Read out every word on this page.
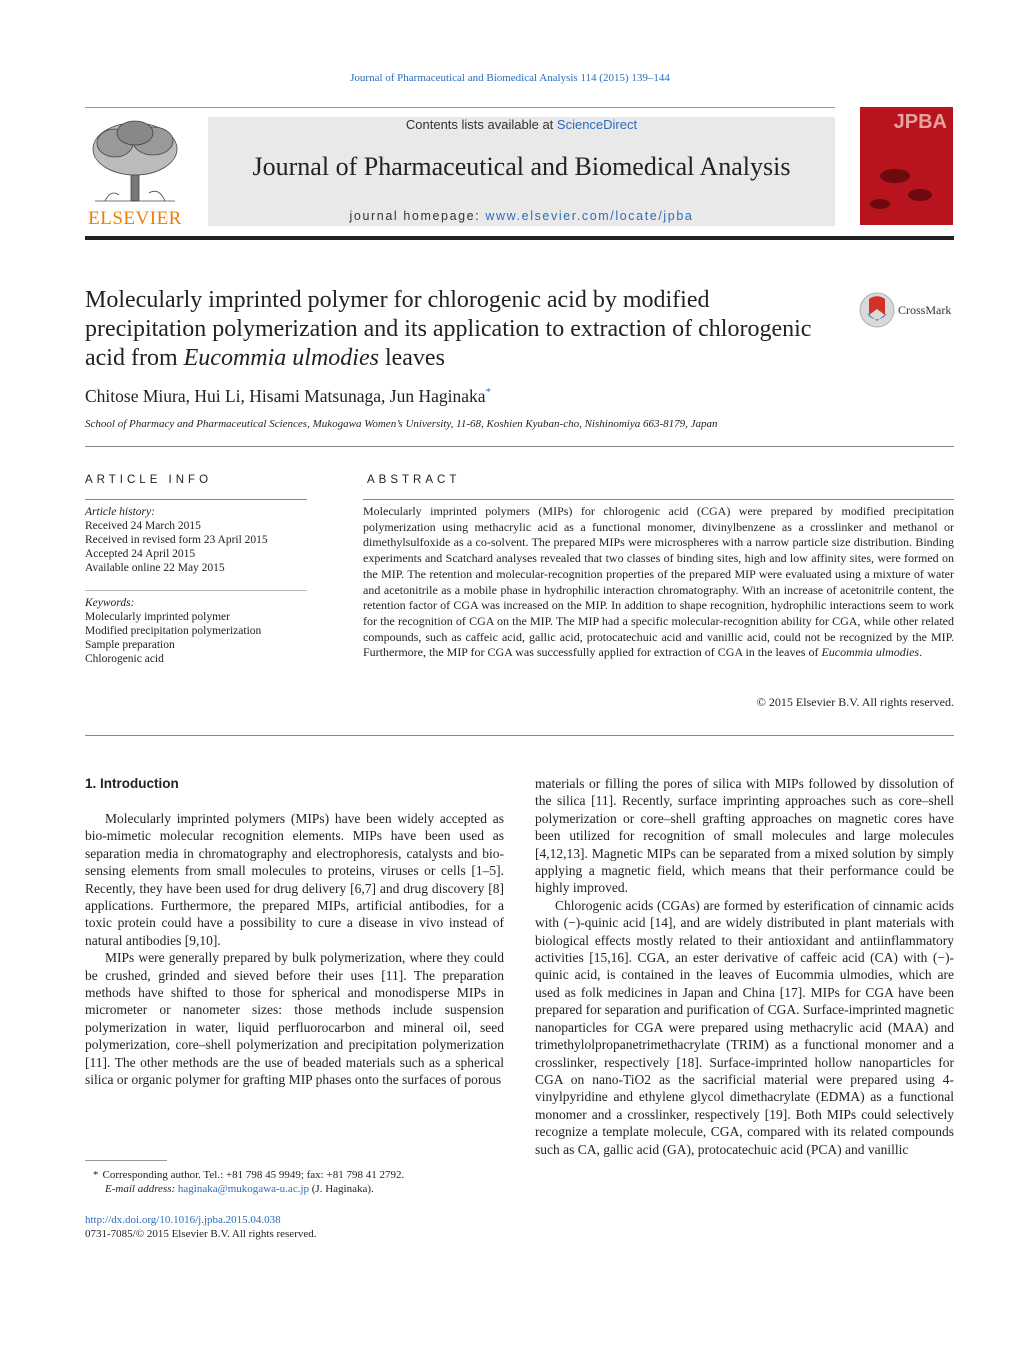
Journal of Pharmaceutical and Biomedical Analysis 114 (2015) 139–144
ELSEVIER
Contents lists available at ScienceDirect
Journal of Pharmaceutical and Biomedical Analysis
journal homepage: www.elsevier.com/locate/jpba
JPBA
Molecularly imprinted polymer for chlorogenic acid by modified precipitation polymerization and its application to extraction of chlorogenic acid from Eucommia ulmodies leaves
CrossMark
Chitose Miura, Hui Li, Hisami Matsunaga, Jun Haginaka*
School of Pharmacy and Pharmaceutical Sciences, Mukogawa Women’s University, 11-68, Koshien Kyuban-cho, Nishinomiya 663-8179, Japan
ARTICLE INFO
Article history:
Received 24 March 2015
Received in revised form 23 April 2015
Accepted 24 April 2015
Available online 22 May 2015
Keywords:
Molecularly imprinted polymer
Modified precipitation polymerization
Sample preparation
Chlorogenic acid
ABSTRACT
Molecularly imprinted polymers (MIPs) for chlorogenic acid (CGA) were prepared by modified precipitation polymerization using methacrylic acid as a functional monomer, divinylbenzene as a crosslinker and methanol or dimethylsulfoxide as a co-solvent. The prepared MIPs were microspheres with a narrow particle size distribution. Binding experiments and Scatchard analyses revealed that two classes of binding sites, high and low affinity sites, were formed on the MIP. The retention and molecular-recognition properties of the prepared MIP were evaluated using a mixture of water and acetonitrile as a mobile phase in hydrophilic interaction chromatography. With an increase of acetonitrile content, the retention factor of CGA was increased on the MIP. In addition to shape recognition, hydrophilic interactions seem to work for the recognition of CGA on the MIP. The MIP had a specific molecular-recognition ability for CGA, while other related compounds, such as caffeic acid, gallic acid, protocatechuic acid and vanillic acid, could not be recognized by the MIP. Furthermore, the MIP for CGA was successfully applied for extraction of CGA in the leaves of Eucommia ulmodies.
© 2015 Elsevier B.V. All rights reserved.
1. Introduction

Molecularly imprinted polymers (MIPs) have been widely accepted as bio-mimetic molecular recognition elements. MIPs have been used as separation media in chromatography and electrophoresis, catalysts and bio-sensing elements from small molecules to proteins, viruses or cells [1–5]. Recently, they have been used for drug delivery [6,7] and drug discovery [8] applications. Furthermore, the prepared MIPs, artificial antibodies, for a toxic protein could have a possibility to cure a disease in vivo instead of natural antibodies [9,10].

MIPs were generally prepared by bulk polymerization, where they could be crushed, grinded and sieved before their uses [11]. The preparation methods have shifted to those for spherical and monodisperse MIPs in micrometer or nanometer sizes: those methods include suspension polymerization in water, liquid perfluorocarbon and mineral oil, seed polymerization, core–shell polymerization and precipitation polymerization [11]. The other methods are the use of beaded materials such as a spherical silica or organic polymer for grafting MIP phases onto the surfaces of porous

materials or filling the pores of silica with MIPs followed by dissolution of the silica [11]. Recently, surface imprinting approaches such as core–shell polymerization or core–shell grafting approaches on magnetic cores have been utilized for recognition of small molecules and large molecules [4,12,13]. Magnetic MIPs can be separated from a mixed solution by simply applying a magnetic field, which means that their performance could be highly improved.

Chlorogenic acids (CGAs) are formed by esterification of cinnamic acids with (−)-quinic acid [14], and are widely distributed in plant materials with biological effects mostly related to their antioxidant and antiinflammatory activities [15,16]. CGA, an ester derivative of caffeic acid (CA) with (−)-quinic acid, is contained in the leaves of Eucommia ulmodies, which are used as folk medicines in Japan and China [17]. MIPs for CGA have been prepared for separation and purification of CGA. Surface-imprinted magnetic nanoparticles for CGA were prepared using methacrylic acid (MAA) and trimethylolpropanetrimethacrylate (TRIM) as a functional monomer and a crosslinker, respectively [18]. Surface-imprinted hollow nanoparticles for CGA on nano-TiO2 as the sacrificial material were prepared using 4-vinylpyridine and ethylene glycol dimethacrylate (EDMA) as a functional monomer and a crosslinker, respectively [19]. Both MIPs could selectively recognize a template molecule, CGA, compared with its related compounds such as CA, gallic acid (GA), protocatechuic acid (PCA) and vanillic

* Corresponding author. Tel.: +81 798 45 9949; fax: +81 798 41 2792.
E-mail address: haginaka@mukogawa-u.ac.jp (J. Haginaka).
http://dx.doi.org/10.1016/j.jpba.2015.04.038
0731-7085/© 2015 Elsevier B.V. All rights reserved.
